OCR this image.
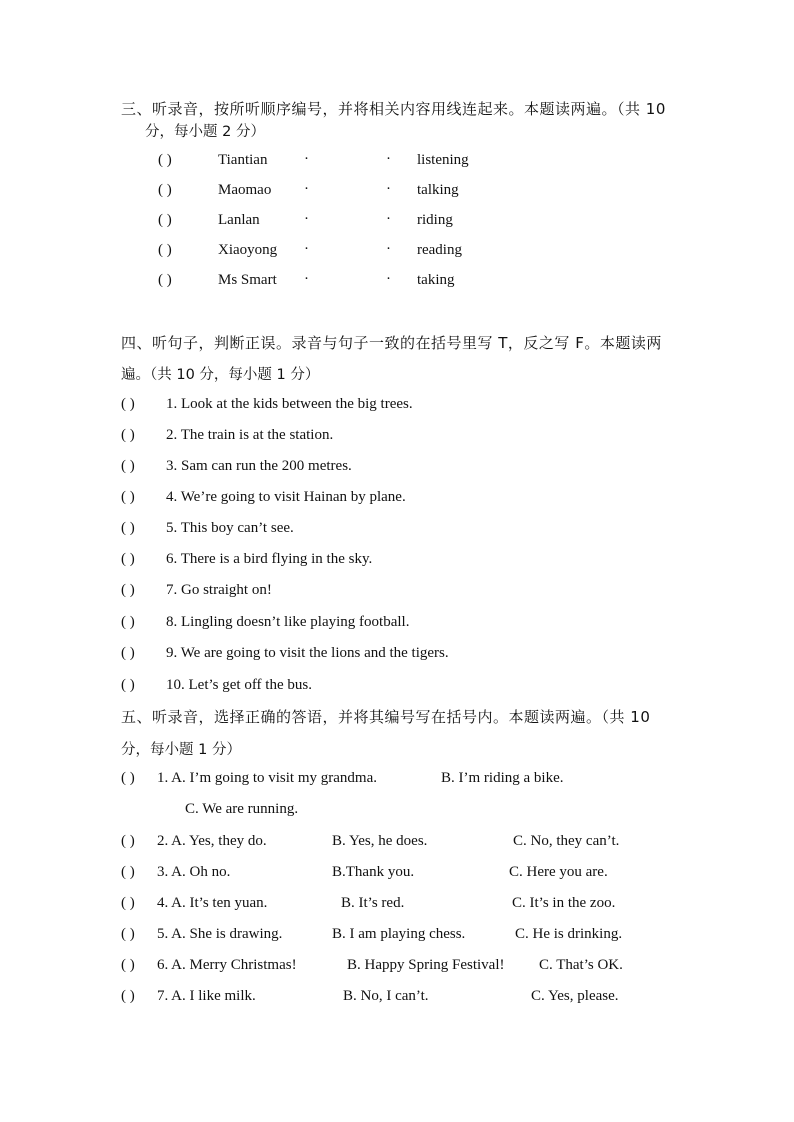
三、听录音，按所听顺序编号，并将相关内容用线连起来。本题读两遍。（共 10
分，每小题 2 分）
( )	Tiantian ·	· listening
( )	Maomao ·	· talking
( )	Lanlan	·	· riding
( )	Xiaoyong ·	· reading
( )	Ms Smart ·	· taking
四、听句子，判断正误。录音与句子一致的在括号里写 T，反之写 F。本题读两
遍。（共 10 分，每小题 1 分）
( ) 1. Look at the kids between the big trees.
( ) 2. The train is at the station.
( ) 3. Sam can run the 200 metres.
( ) 4. We’re going to visit Hainan by plane.
( ) 5. This boy can’t see.
( ) 6. There is a bird flying in the sky.
( ) 7. Go straight on!
( ) 8. Lingling doesn’t like playing football.
( ) 9. We are going to visit the lions and the tigers.
( ) 10. Let’s get off the bus.
五、听录音，选择正确的答语，并将其编号写在括号内。本题读两遍。（共 10
分，每小题 1 分）
( ) 1. A. I’m going to visit my grandma.	B. I’m riding a bike.
C. We are running.
( ) 2. A. Yes, they do.	B. Yes, he does.	C. No, they can’t.
( ) 3. A. Oh no.	B.Thank you.	C. Here you are.
( ) 4. A. It’s ten yuan.	B. It’s red.	C. It’s in the zoo.
( ) 5. A. She is drawing.	B. I am playing chess.	C. He is drinking.
( ) 6. A. Merry Christmas!	B. Happy Spring Festival! C. That’s OK.
( ) 7. A. I like milk.	B. No, I can’t.	C. Yes, please.
